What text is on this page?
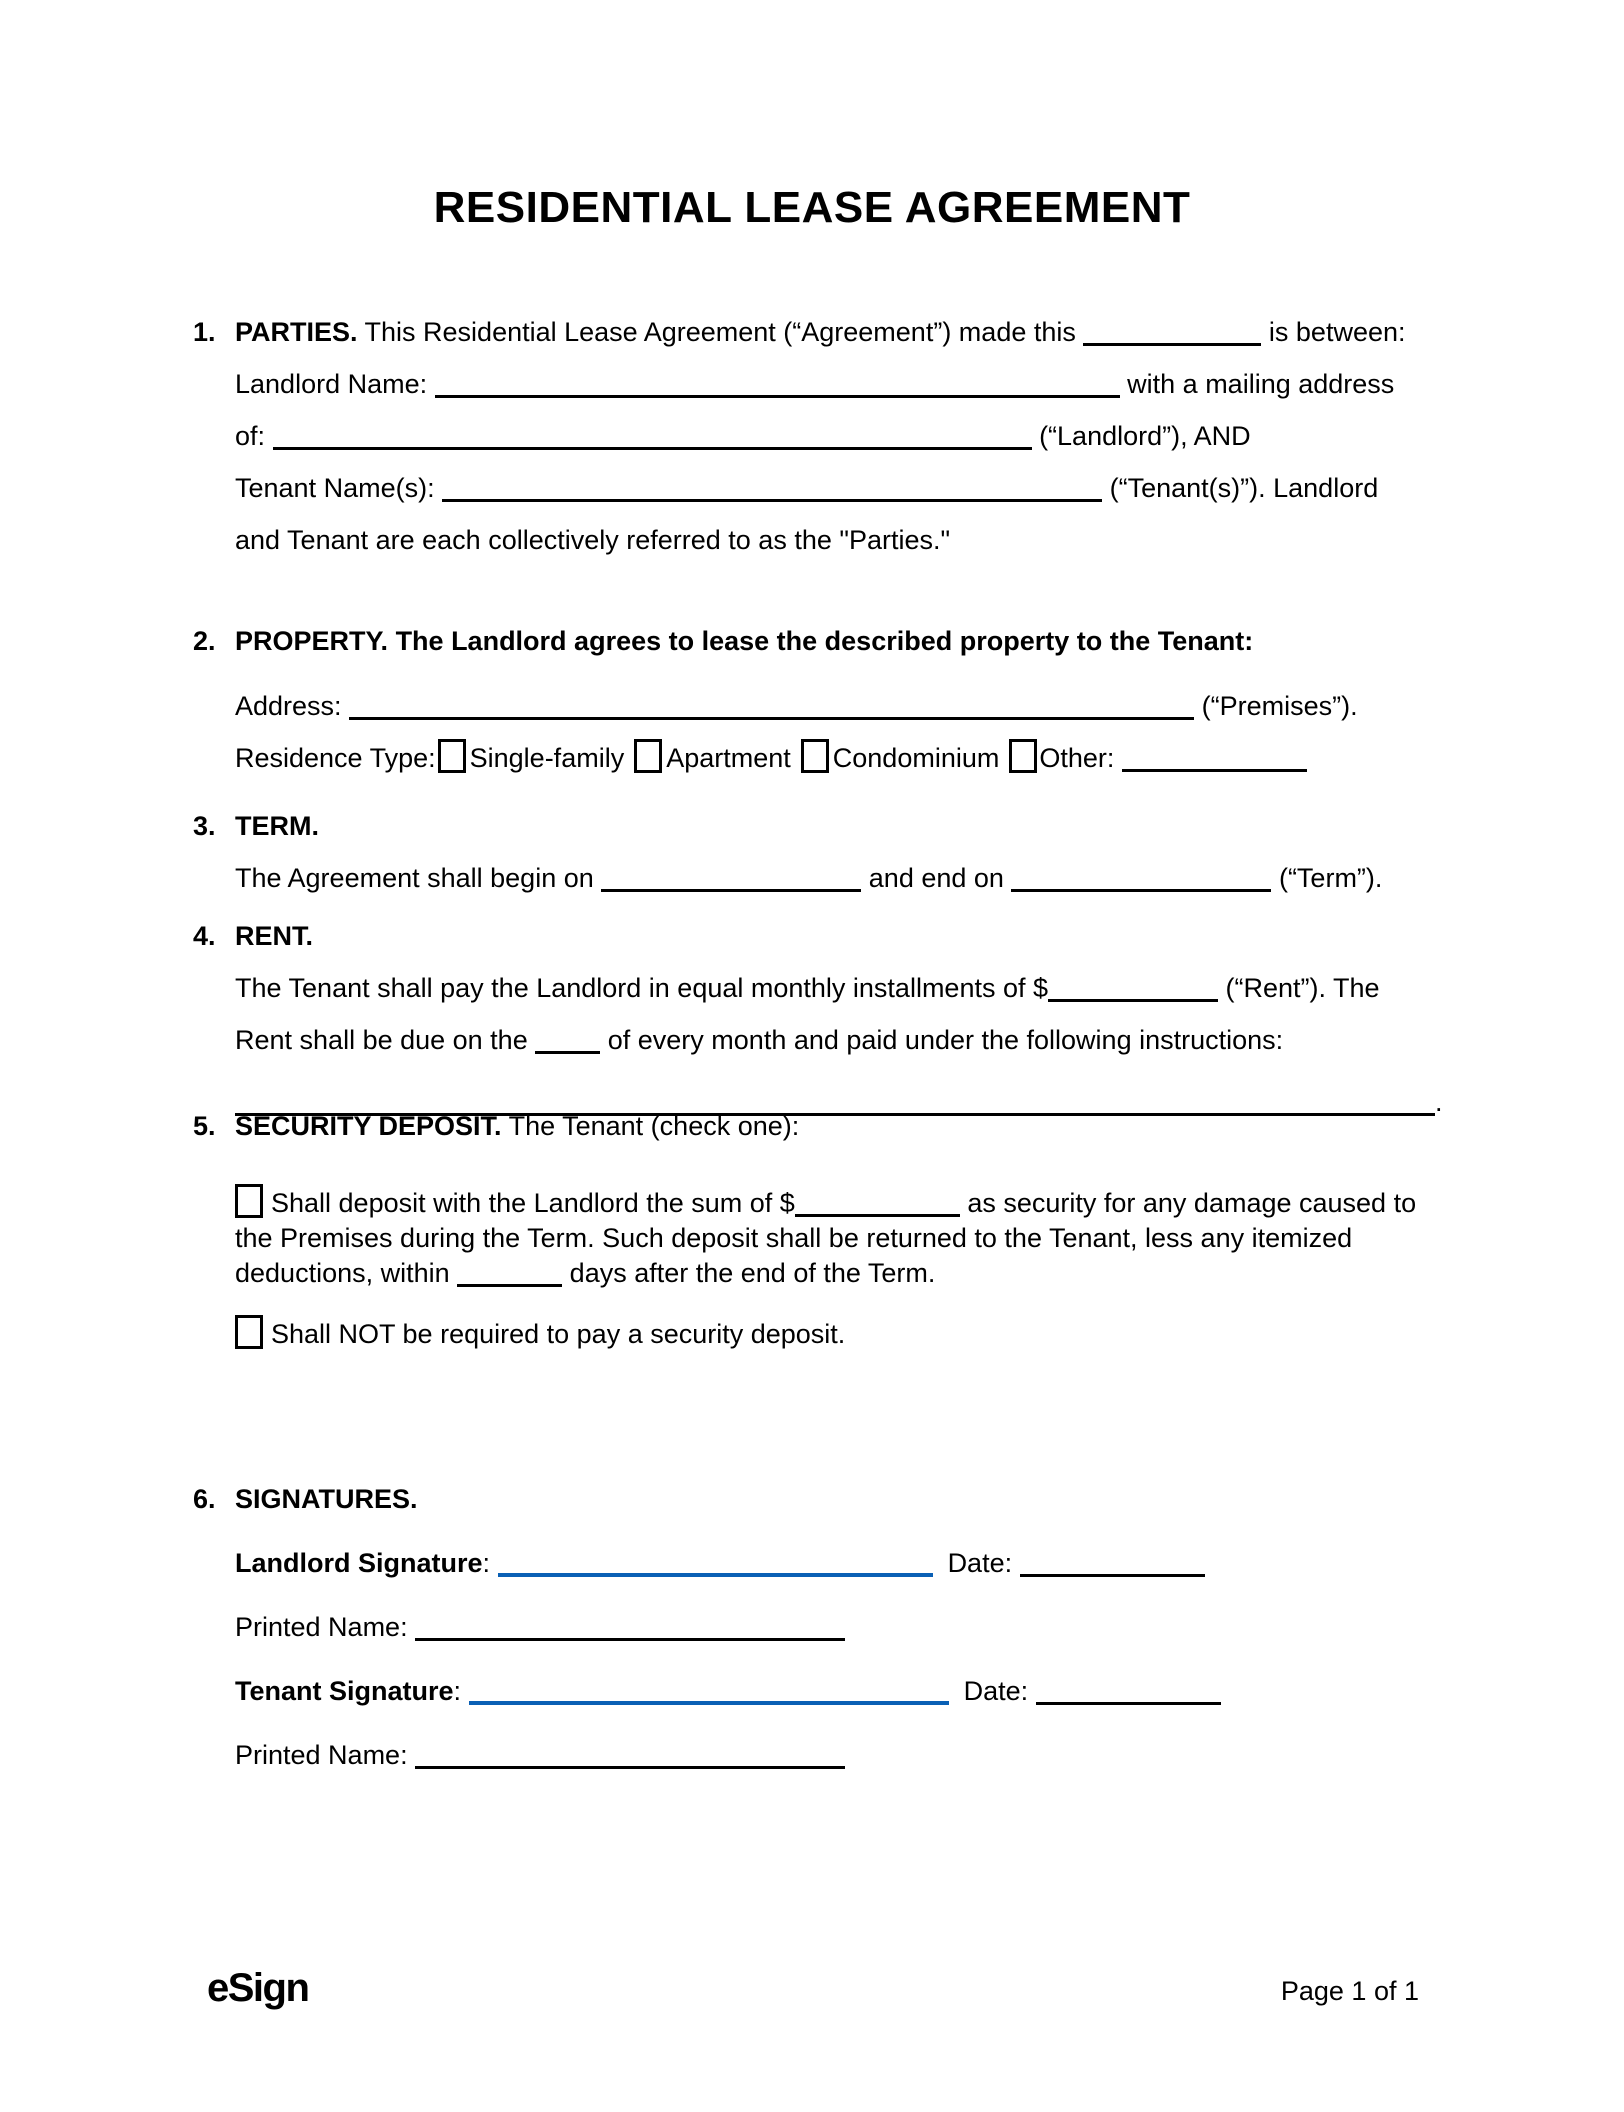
RESIDENTIAL LEASE AGREEMENT
1. PARTIES. This Residential Lease Agreement (“Agreement”) made this	is between:
Landlord Name:	with a mailing address
of:	(“Landlord”), AND
Tenant Name(s):	(“Tenant(s)”). Landlord
and Tenant are each collectively referred to as the "Parties."
2. PROPERTY. The Landlord agrees to lease the described property to the Tenant:
Address:	(“Premises”).
Residence Type: Single-family Apartment Condominium Other:
3. TERM.
The Agreement shall begin on	and end on	(“Term”).
4. RENT.
The Tenant shall pay the Landlord in equal monthly installments of $	(“Rent”). The
Rent shall be due on the	of every month and paid under the following instructions:
.
5. SECURITY DEPOSIT. The Tenant (check one):
Shall deposit with the Landlord the sum of $	as security for any damage caused to the Premises during the Term. Such deposit shall be returned to the Tenant, less any itemized deductions, within	days after the end of the Term.
Shall NOT be required to pay a security deposit.
6. SIGNATURES.
Landlord Signature:	Date:
Printed Name:
Tenant Signature:	Date:
Printed Name:
eSign	Page 1 of 1
